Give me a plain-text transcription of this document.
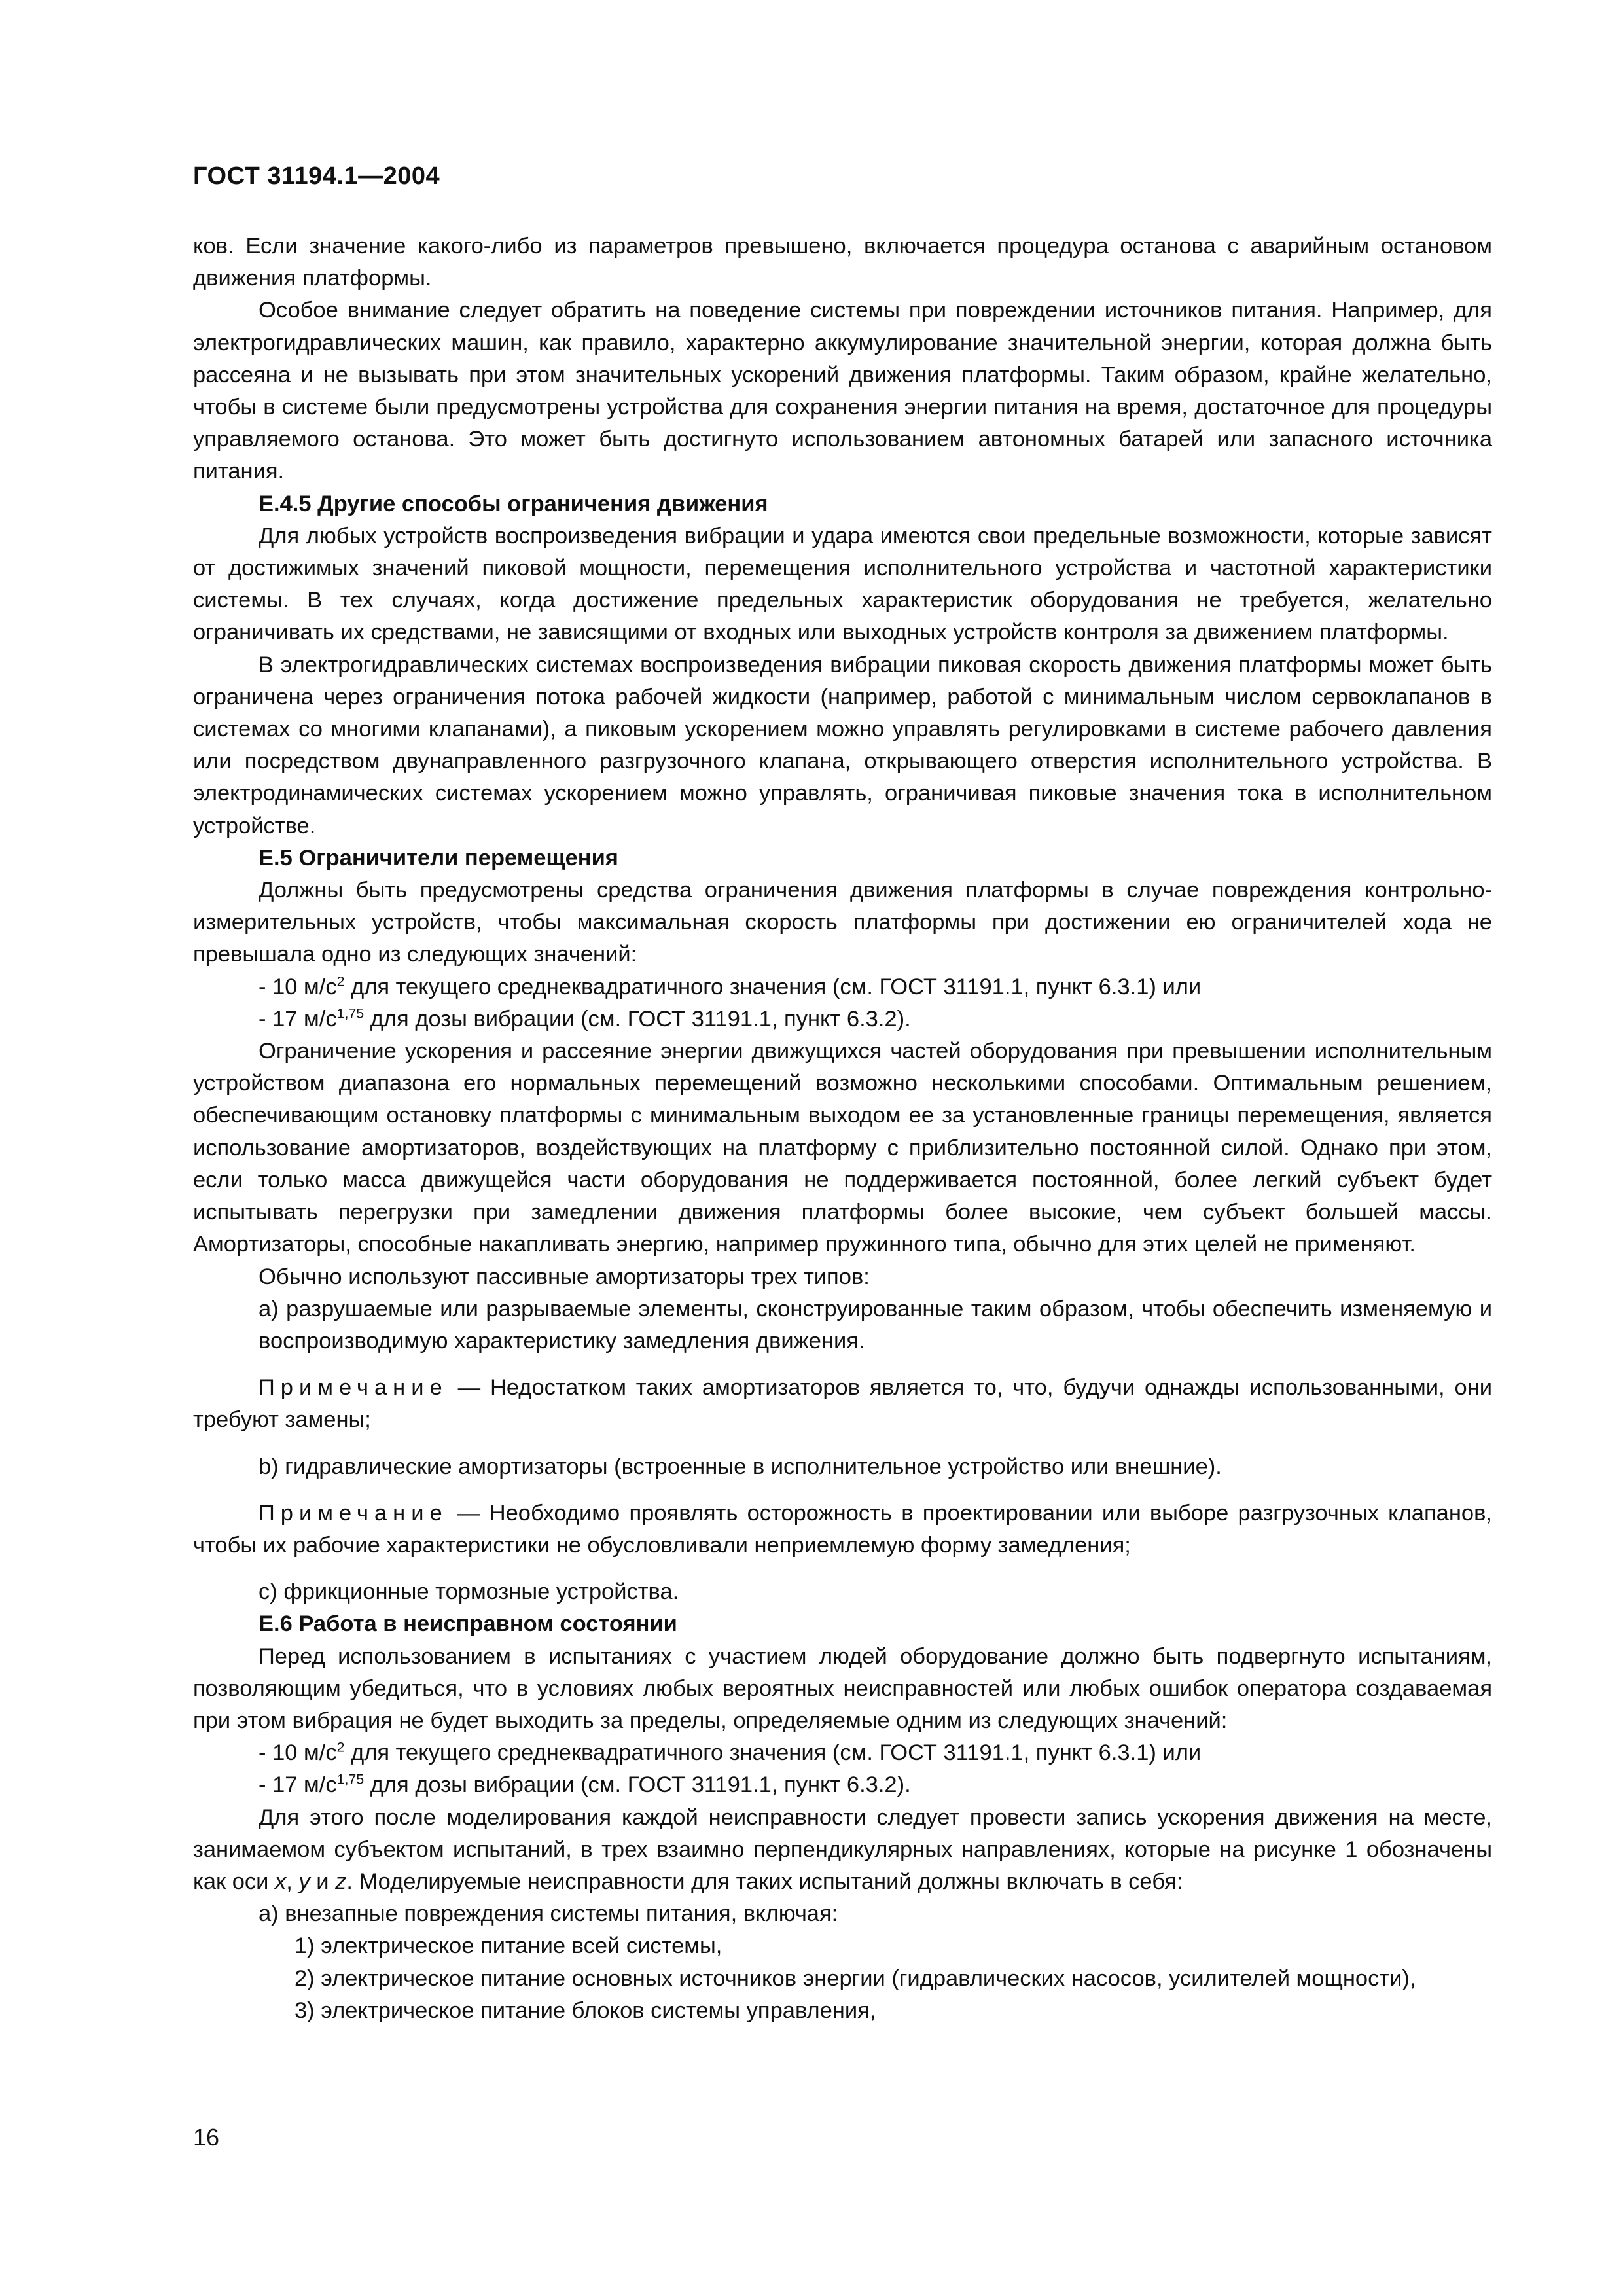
ГОСТ 31194.1—2004

ков. Если значение какого-либо из параметров превышено, включается процедура останова с аварийным остановом движения платформы.

Особое внимание следует обратить на поведение системы при повреждении источников питания. Например, для электрогидравлических машин, как правило, характерно аккумулирование значительной энергии, которая должна быть рассеяна и не вызывать при этом значительных ускорений движения платформы. Таким образом, крайне желательно, чтобы в системе были предусмотрены устройства для сохранения энергии питания на время, достаточное для процедуры управляемого останова. Это может быть достигнуто использованием автономных батарей или запасного источника питания.

Е.4.5 Другие способы ограничения движения

Для любых устройств воспроизведения вибрации и удара имеются свои предельные возможности, которые зависят от достижимых значений пиковой мощности, перемещения исполнительного устройства и частотной характеристики системы. В тех случаях, когда достижение предельных характеристик оборудования не требуется, желательно ограничивать их средствами, не зависящими от входных или выходных устройств контроля за движением платформы.

В электрогидравлических системах воспроизведения вибрации пиковая скорость движения платформы может быть ограничена через ограничения потока рабочей жидкости (например, работой с минимальным числом сервоклапанов в системах со многими клапанами), а пиковым ускорением можно управлять регулировками в системе рабочего давления или посредством двунаправленного разгрузочного клапана, открывающего отверстия исполнительного устройства. В электродинамических системах ускорением можно управлять, ограничивая пиковые значения тока в исполнительном устройстве.

Е.5 Ограничители перемещения

Должны быть предусмотрены средства ограничения движения платформы в случае повреждения контрольно-измерительных устройств, чтобы максимальная скорость платформы при достижении ею ограничителей хода не превышала одно из следующих значений:

- 10 $м/с^2$ для текущего среднеквадратичного значения (см. ГОСТ 31191.1, пункт 6.3.1) или

- 17 $м/с^{1,75}$ для дозы вибрации (см. ГОСТ 31191.1, пункт 6.3.2).

Ограничение ускорения и рассеяние энергии движущихся частей оборудования при превышении исполнительным устройством диапазона его нормальных перемещений возможно несколькими способами. Оптимальным решением, обеспечивающим остановку платформы с минимальным выходом ее за установленные границы перемещения, является использование амортизаторов, воздействующих на платформу с приблизительно постоянной силой. Однако при этом, если только масса движущейся части оборудования не поддерживается постоянной, более легкий субъект будет испытывать перегрузки при замедлении движения платформы более высокие, чем субъект большей массы. Амортизаторы, способные накапливать энергию, например пружинного типа, обычно для этих целей не применяют.

Обычно используют пассивные амортизаторы трех типов:

а) разрушаемые или разрываемые элементы, сконструированные таким образом, чтобы обеспечить изменяемую и воспроизводимую характеристику замедления движения.

Примечание — Недостатком таких амортизаторов является то, что, будучи однажды использованными, они требуют замены;

b) гидравлические амортизаторы (встроенные в исполнительное устройство или внешние).

Примечание — Необходимо проявлять осторожность в проектировании или выборе разгрузочных клапанов, чтобы их рабочие характеристики не обусловливали неприемлемую форму замедления;

с) фрикционные тормозные устройства.

Е.6 Работа в неисправном состоянии

Перед использованием в испытаниях с участием людей оборудование должно быть подвергнуто испытаниям, позволяющим убедиться, что в условиях любых вероятных неисправностей или любых ошибок оператора создаваемая при этом вибрация не будет выходить за пределы, определяемые одним из следующих значений:

- 10 $м/с^2$ для текущего среднеквадратичного значения (см. ГОСТ 31191.1, пункт 6.3.1) или

- 17 $м/с^{1,75}$ для дозы вибрации (см. ГОСТ 31191.1, пункт 6.3.2).

Для этого после моделирования каждой неисправности следует провести запись ускорения движения на месте, занимаемом субъектом испытаний, в трех взаимно перпендикулярных направлениях, которые на рисунке 1 обозначены как оси x, y и z. Моделируемые неисправности для таких испытаний должны включать в себя:

а) внезапные повреждения системы питания, включая:

1) электрическое питание всей системы,

2) электрическое питание основных источников энергии (гидравлических насосов, усилителей мощности),

3) электрическое питание блоков системы управления,

16
